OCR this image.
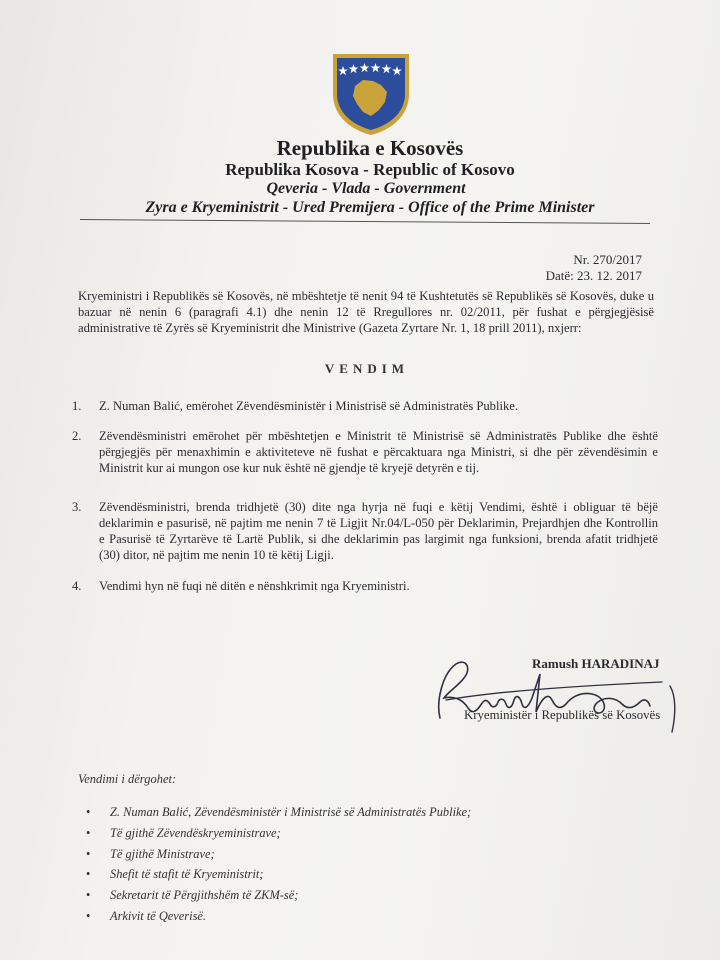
Republika e Kosovës
Republika Kosova - Republic of Kosovo
Qeveria - Vlada - Government
Zyra e Kryeministrit - Ured Premijera - Office of the Prime Minister
Nr. 270/2017
Datë: 23. 12. 2017
Kryeministri i Republikës së Kosovës, në mbështetje të nenit 94 të Kushtetutës së Republikës së Kosovës, duke u bazuar në nenin 6 (paragrafi 4.1) dhe nenin 12 të Rregullores nr. 02/2011, për fushat e përgjegjësisë administrative të Zyrës së Kryeministrit dhe Ministrive (Gazeta Zyrtare Nr. 1, 18 prill 2011), nxjerr:
VENDIM
1.	Z. Numan Balić, emërohet Zëvendësministër i Ministrisë së Administratës Publike.
2.	Zëvendësministri emërohet për mbështetjen e Ministrit të Ministrisë së Administratës Publike dhe është përgjegjës për menaxhimin e aktiviteteve në fushat e përcaktuara nga Ministri, si dhe për zëvendësimin e Ministrit kur ai mungon ose kur nuk është në gjendje të kryejë detyrën e tij.
3.	Zëvendësministri, brenda tridhjetë (30) dite nga hyrja në fuqi e këtij Vendimi, është i obliguar të bëjë deklarimin e pasurisë, në pajtim me nenin 7 të Ligjit Nr.04/L-050 për Deklarimin, Prejardhjen dhe Kontrollin e Pasurisë të Zyrtarëve të Lartë Publik, si dhe deklarimin pas largimit nga funksioni, brenda afatit tridhjetë (30) ditor, në pajtim me nenin 10 të këtij Ligji.
4.	Vendimi hyn në fuqi në ditën e nënshkrimit nga Kryeministri.
Ramush HARADINAJ
Kryeministër i Republikës së Kosovës
Vendimi i dërgohet:
• Z. Numan Balić, Zëvendësministër i Ministrisë së Administratës Publike;
• Të gjithë Zëvendëskryeministrave;
• Të gjithë Ministrave;
• Shefit të stafit të Kryeministrit;
• Sekretarit të Përgjithshëm të ZKM-së;
• Arkivit të Qeverisë.
